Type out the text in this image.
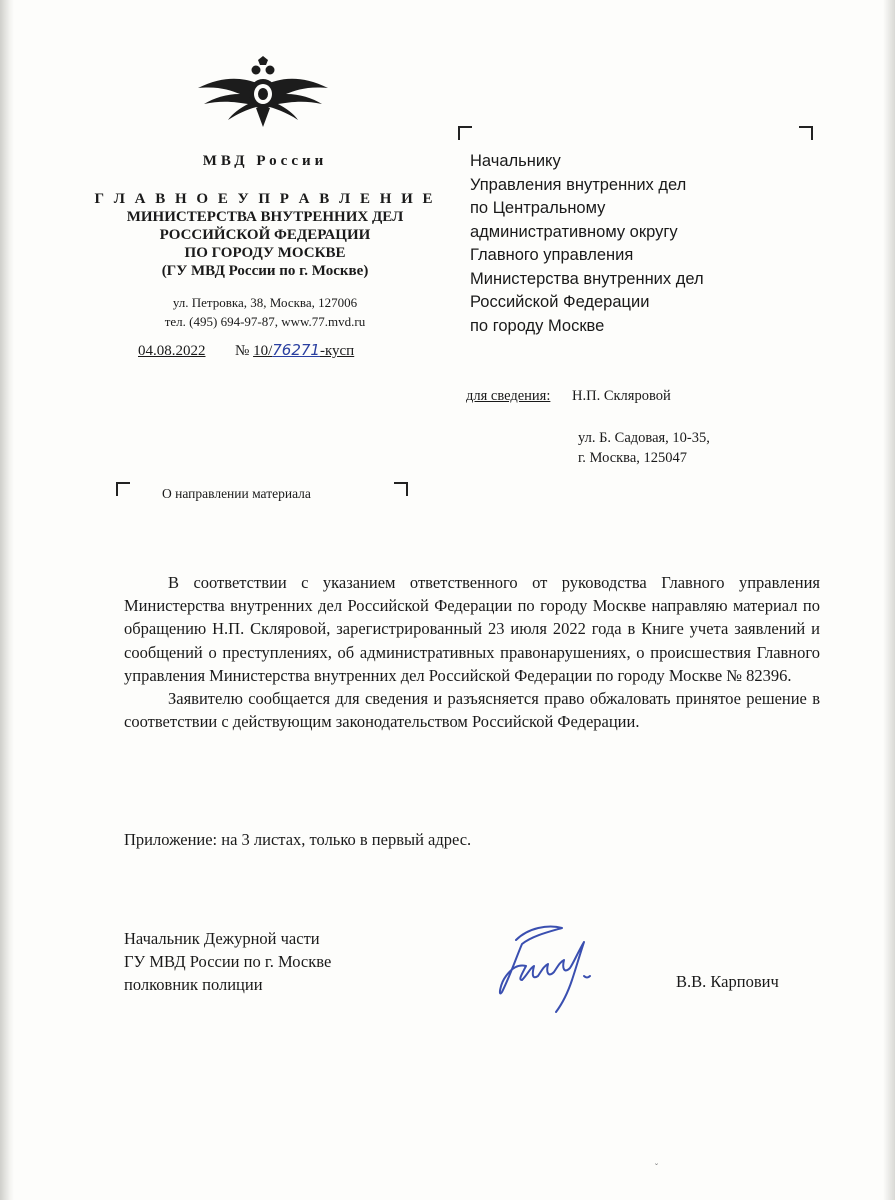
МВД России
Г Л А В Н О Е У П Р А В Л Е Н И Е
МИНИСТЕРСТВА ВНУТРЕННИХ ДЕЛ
РОССИЙСКОЙ ФЕДЕРАЦИИ
ПО ГОРОДУ МОСКВЕ
(ГУ МВД России по г. Москве)
ул. Петровка, 38, Москва, 127006
тел. (495) 694-97-87, www.77.mvd.ru
04.08.2022 № 10/76271-кусп
Начальнику
Управления внутренних дел
по Центральному
административному округу
Главного управления
Министерства внутренних дел
Российской Федерации
по городу Москве
для сведения: Н.П. Скляровой
ул. Б. Садовая, 10-35,
г. Москва, 125047
О направлении материала

В соответствии с указанием ответственного от руководства Главного управления Министерства внутренних дел Российской Федерации по городу Москве направляю материал по обращению Н.П. Скляровой, зарегистрированный 23 июля 2022 года в Книге учета заявлений и сообщений о преступлениях, об административных правонарушениях, о происшествия Главного управления Министерства внутренних дел Российской Федерации по городу Москве № 82396.

Заявителю сообщается для сведения и разъясняется право обжаловать принятое решение в соответствии с действующим законодательством Российской Федерации.

Приложение: на 3 листах, только в первый адрес.
Начальник Дежурной части
ГУ МВД России по г. Москве
полковник полиции	В.В. Карпович
˘
